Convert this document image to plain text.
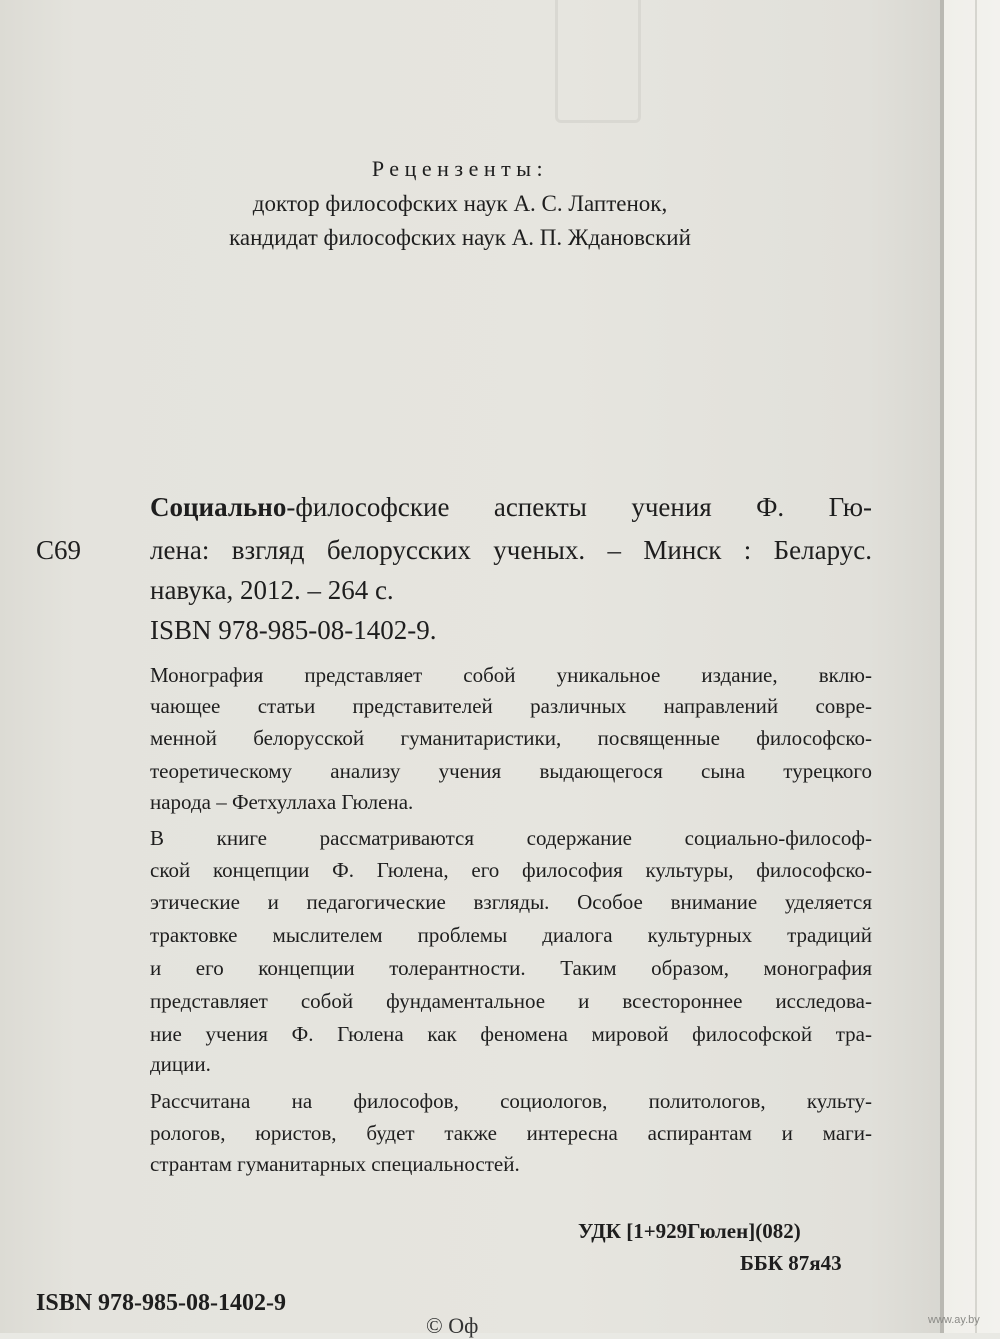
Рецензенты:
доктор философских наук А. С. Лаптенок,
кандидат философских наук А. П. Ждановский
С69
Социально-философские аспекты учения Ф. Гю-
лена: взгляд белорусских ученых. – Минск : Беларус.
навука, 2012. – 264 с.
ISBN 978-985-08-1402-9.
Монография представляет собой уникальное издание, вклю-
чающее статьи представителей различных направлений совре-
менной белорусской гуманитаристики, посвященные философско-
теоретическому анализу учения выдающегося сына турецкого
народа – Фетхуллаха Гюлена.
В книге рассматриваются содержание социально-философ-
ской концепции Ф. Гюлена, его философия культуры, философско-
этические и педагогические взгляды. Особое внимание уделяется
трактовке мыслителем проблемы диалога культурных традиций
и его концепции толерантности. Таким образом, монография
представляет собой фундаментальное и всестороннее исследова-
ние учения Ф. Гюлена как феномена мировой философской тра-
диции.
Рассчитана на философов, социологов, политологов, культу-
рологов, юристов, будет также интересна аспирантам и маги-
странтам гуманитарных специальностей.
УДК [1+929Гюлен](082)
ББК 87я43
ISBN 978-985-08-1402-9
© Оф	www.ay.by
